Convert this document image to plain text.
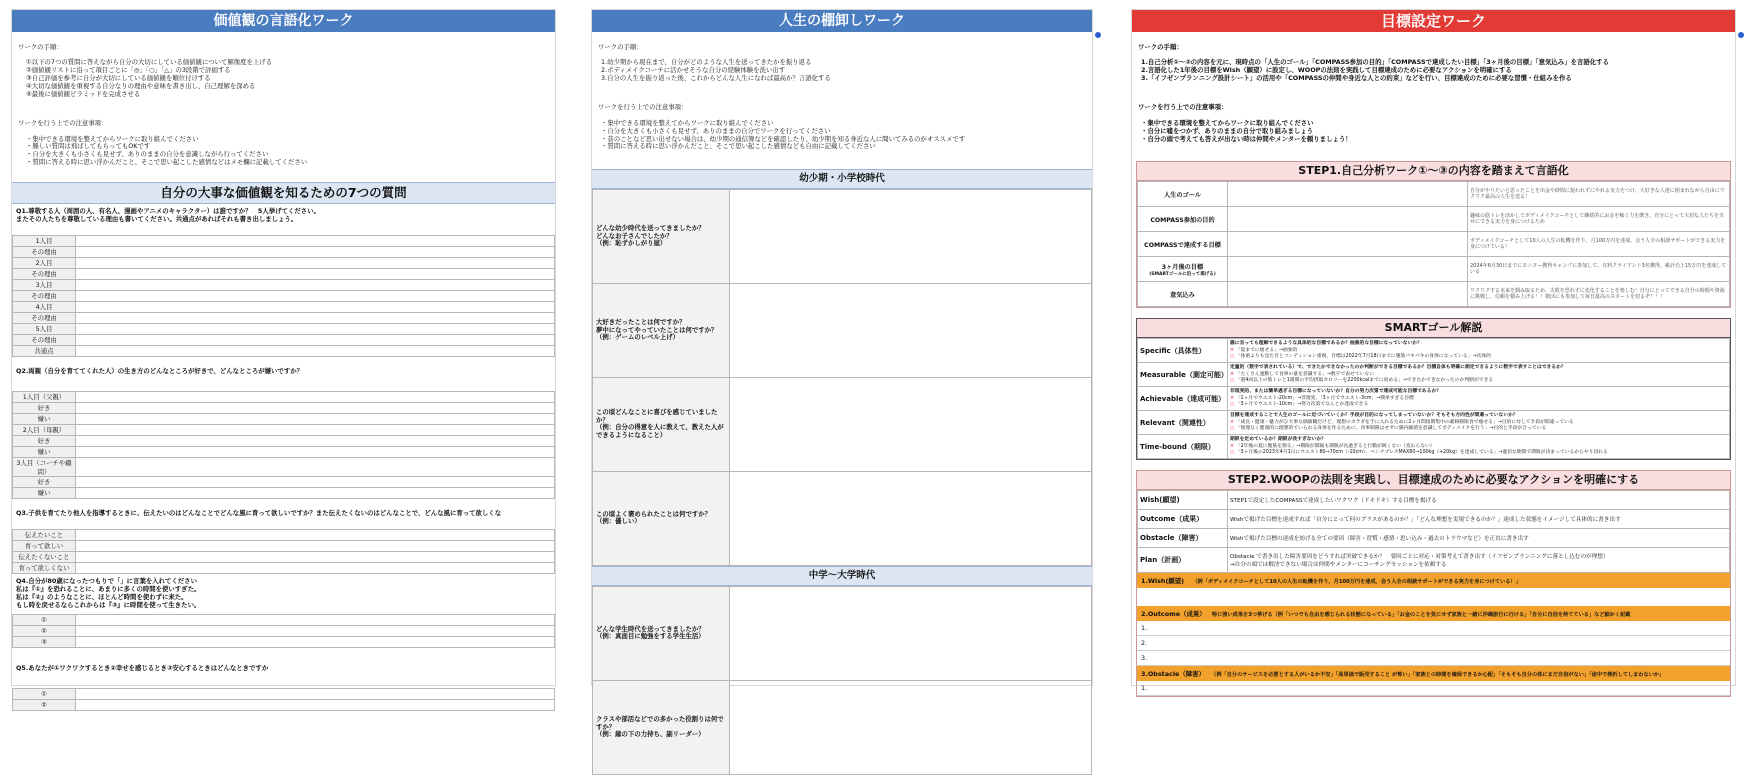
価値観の言語化ワーク

ワークの手順：

①以下の7つの質問に答えながら自分の大切にしている価値観について解像度を上げる
②価値観リストに沿って項目ごとに「◎」「○」「△」の3段階で評価する
③自己評価を参考に自分が大切にしている価値観を順位付けする
④大切な価値観を重視する自分なりの理由や意味を書き出し、自己理解を深める
⑤最後に価値観ピラミッドを完成させる

ワークを行う上での注意事項：

・集中できる環境を整えてからワークに取り組んでください
・難しい質問は飛ばしてもらってもOKです
・自分を大きくも小さくも見せず、ありのままの自分を意識しながら行ってください
・質問に答える時に思い浮かんだこと、そこで思い起こした感情などはメモ欄に記載してください

自分の大事な価値観を知るための7つの質問
Q1.尊敬する人（周囲の人、有名人、漫画やアニメのキャラクター）は誰ですか？　5人挙げてください。
またその人たちを尊敬している理由も書いてください。共通点があればそれも書き出しましょう。
1人目	
その理由	
2人目	
その理由	
3人目	
その理由	
4人目	
その理由	
5人目	
その理由	
共通点	
Q2.両親（自分を育ててくれた人）の生き方のどんなところが好きで、どんなところが嫌いですか？
1人目（父親）	
好き	
嫌い	
2人目（母親）	
好き	
嫌い	
3人目（コーチや顧問）	
好き	
嫌い	
Q3.子供を育てたり他人を指導するときに、伝えたいのはどんなことでどんな風に育って欲しいですか？また伝えたくないのはどんなことで、どんな風に育って欲しくな
伝えたいこと	
育って欲しい	
伝えたくないこと	
育って欲しくない	
Q4.自分が80歳になったつもりで「」に言葉を入れてください
私は『①』を恐れることに、あまりに多くの時間を使いすぎた。
私は『②』のようなことに、ほとんど時間を使わずに来た。
もし時を戻せるならこれからは『③』に時間を使って生きたい。
①	
②	
③	
Q5.あなたが①ワクワクするとき②幸せを感じるとき③安心するときはどんなときですか
①	
②	
人生の棚卸しワーク

ワークの手順：

1.幼少期から現在まで、自分がどのような人生を送ってきたかを振り返る
2.ボディメイクコーチに活かせそうな自分の経験体験を洗い出す
3.自分の人生を振り返った後、これからどんな人生になれば最高か？言語化する

ワークを行う上での注意事項：

・集中できる環境を整えてからワークに取り組んでください
・自分を大きくも小さくも見せず、ありのままの自分でワークを行ってください
・昔のことなど思い出せない場合は、幼少期の通信簿などを確認したり、幼少期を知る身近な人に聞いてみるのがオススメです
・質問に答える時に思い浮かんだこと、そこで思い起こした感情なども自由に記載してください

幼少期・小学校時代
どんな幼少時代を送ってきましたか？
どんなお子さんでしたか？
（例：恥ずかしがり屋）	
大好きだったことは何ですか？
夢中になってやっていたことは何ですか？
（例：ゲームのレベル上げ）	
この頃どんなことに喜びを感じていましたか？
（例：自分の得意を人に教えて、教えた人ができるようになること）	
この頃よく褒められたことは何ですか？
（例：優しい）	
中学〜大学時代
どんな学生時代を送ってきましたか？
（例：真面目に勉強をする学生生活）	
クラスや部活などでの多かった役割りは何ですか？
（例：縁の下の力持ち、副リーダー）	
目標設定ワーク

ワークの手順：

1.自己分析①〜③の内容を元に、現時点の「人生のゴール」「COMPASS参加の目的」「COMPASSで達成したい目標」「3ヶ月後の目標」「意気込み」を言語化する
2.言語化した1年後の目標をWish（願望）に設定し、WOOPの法則を実践して目標達成のために必要なアクションを明確にする
3.「イフゼンプランニング設計シート」の活用や「COMPASSの仲間や身近な人との約束」などを行い、目標達成のために必要な習慣・仕組みを作る

ワークを行う上での注意事項：

・集中できる環境を整えてからワークに取り組んでください
・自分に嘘をつかず、ありのままの自分で取り組みましょう
・自分の頭で考えても答えが出ない時は仲間やメンターを頼りましょう！

STEP1.自己分析ワーク①〜③の内容を踏まえて言語化
人生のゴール		自分がやりたいと思ったことを出金や時間に捉われずにやれる実力をつけ、大好きな人達に囲まれながら自由にワクワク最高の人生を送る！

COMPASS参加の目的		趣味の筋トレを活かしてボディメイクコーチとして継続的にお金を稼ぐ力を磨き、自分にとって大切な人たちを幸せにできる実力を身につけるため

COMPASSで達成する目標		ボディメイクコーチとして10人の人生の転機を作り、月100万円を達成、会う人全の相談サポートができる実力を身につけている！

3ヶ月後の目標
(SMARTゴールに沿って掲げる)		2024年6月30日までにモニター獲得キャンプに参加して、有料クライアント3名獲得、累計売上15万円を達成している

意気込み		ワクワクする未来を掴み取るため、失敗を恐れずに変化することを楽しむ！自分にとってできる自分の時間や資源に挑戦し、信頼を積み上げる！！朝活にも参加して毎日最高のスタートを切るぞ！！！
SMARTゴール解説
Specific（具体性）	誰に言っても理解できるような具体的な目標であるか？抽象的な目標になっていないか？
✕ 「夏までに痩せる」→抽象的
○ 「体重よりも見た目とコンディション重視、目標は2022年7月18日までに腹筋バキバキの身体になっている」→具体的

Measurable（測定可能）	定量的（数字で表されている）で、できたかできなかったのか判断ができる目標であるか？目標自体も明確に測定できるように数字で表すことはできるか？
✕ 「たくさん運動して食事の量を意識する」→数字で表せていない
○ 「週4回以上の筋トレと1週間の平均摂取カロリーを2200kcalまでに収める」→できたかできなかったのか判断ができる

Achievable（達成可能）	非現実的、または簡単過ぎる目標になっていないか？自分の努力次第で達成可能な目標であるか？
✕ 「1ヶ月でウエスト-20cm」→非現実、「3ヶ月でウエスト-3cm」→簡単すぎる目標
○ 「3ヶ月でウエスト-10cm」→努力次第でなんとか達成できる

Relevant（関連性）	目標を達成することで人生のゴールに近づいていくか？手段が目的になってしまっていないか？そもそも方向性が間違っていないか？
✕ 「成長・健康・魅力がひ大事な価値観だけど、理想のカラダを手に入れるために2ヶ月間短期集中の厳格制限食で痩せる」→目的に対して手段が間違っている
○ 「無理なく健康的に理想的でいられる身体を作るために、食事制限はせずに腸内細菌を意識してボディメイクを行う」→目的と手段が合っている

Time-bound（期限）	期限を定めているか？期限が長すぎないか？
✕ 「2年後の夏に腹筋を割る」→期限が間隔も期限が長過ぎると行動が鈍くない（変わらない）
○ 「3ヶ月後の2023年4月1日にウエスト80→70cm（-10cm）、ベンチプレスMAX80→100kg（+20kg）を達成している」→適切な期間で期限が決まっているからやり切れる
STEP2.WOOPの法則を実践し、目標達成のために必要なアクションを明確にする
Wish(願望)	STEP1で設定したCOMPASSで達成したいワクワク（ドキドキ）する目標を掲げる
Outcome（成果）	Wishで掲げた目標を達成すれば「自分にとって何のプラスがあるのか？」「どんな理想を実現できるのか？」達成した状態をイメージして具体的に書き出す
Obstacle（障害）	Wishで掲げた目標の達成を妨げる全ての要因（障害・習慣・感情・思い込み・過去のトラウマなど）を正直に書き出す
Plan（計画）	Obstacle で書き出した障害要因をどうすれば突破できるか？　要因ごとに対応・対策考えて書き出す（イフゼンプランニングに落とし込むのが理想）
→自分の頭では解決できない場合は仲間やメンターにコーチングセッションを依頼する
1.Wish(願望) （例「ボディメイクコーチとして10人の人生の転機を作り、月100万円を達成、会う人全の相談サポートができる実力を身につけている！」
2.Outcome（成果） 特に強い成果を3つ挙げる（例「いつでも自由を感じられる状態になっている」「お金のことを気にせず家族と一緒に沖縄旅行に行ける」「自分に自信を持てている」など細かく記載
1.
2.
3.
3.Obstacle（障害） （例「自分のサービスを必要とする人がいるか不安」「高単価で販売すること が怖い」「家族との時間を確保できるか心配」「そもそも自分の体にまだ自信がない」「途中で挫折してしまわないか」
1.
